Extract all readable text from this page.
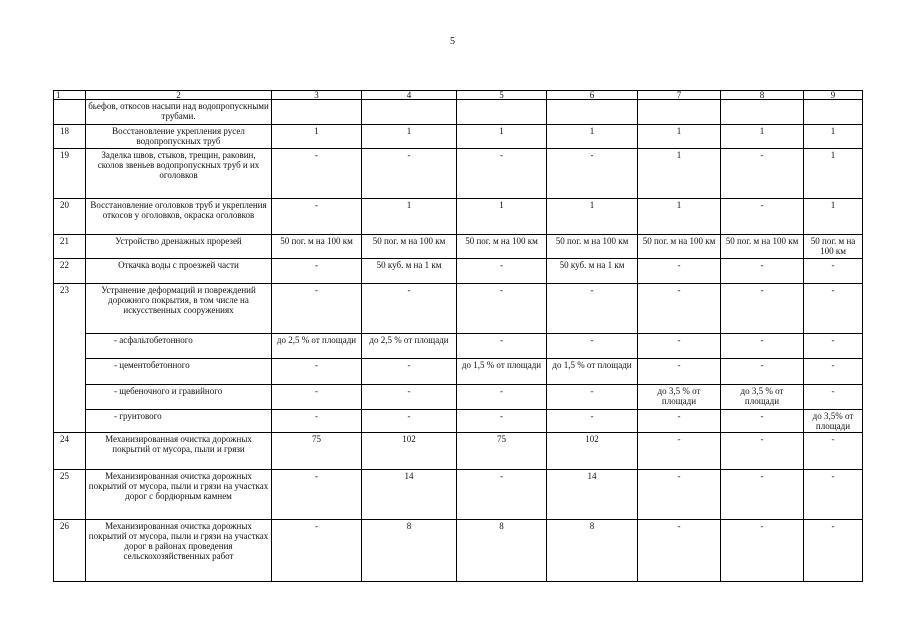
5
1	2	3	4	5	6	7	8	9
	бьефов, откосов насыпи над водопропускными трубами.							
18	Восстановление укрепления русел водопропускных труб	1	1	1	1	1	1	1
19	Заделка швов, стыков, трещин, раковин, сколов звеньев водопропускных труб и их оголовков	-	-	-	-	1	-	1
20	Восстановление оголовков труб и укрепления откосов у оголовков, окраска оголовков	-	1	1	1	1	-	1
21	Устройство дренажных прорезей	50 пог. м на 100 км	50 пог. м на 100 км	50 пог. м на 100 км	50 пог. м на 100 км	50 пог. м на 100 км	50 пог. м на 100 км	50 пог. м на 100 км
22	Откачка воды с проезжей части	-	50 куб. м на 1 км	-	50 куб. м на 1 км	-	-	-
23	Устранение деформаций и повреждений дорожного покрытия, в том числе на искусственных сооружениях	-	-	-	-	-	-	-
	- асфальтобетонного	до 2,5 % от площади	до 2,5 % от площади	-	-	-	-	-
	- цементобетонного	-	-	до 1,5 % от площади	до 1,5 % от площади	-	-	-
	- щебеночного и гравийного	-	-	-	-	до 3,5 % от площади	до 3,5 % от площади	-
	- грунтового	-	-	-	-	-	-	до 3,5% от площади
24	Механизированная очистка дорожных покрытий от мусора, пыли и грязи	75	102	75	102	-	-	-
25	Механизированная очистка дорожных покрытий от мусора, пыли и грязи на участках дорог с бордюрным камнем	-	14	-	14	-	-	-
26	Механизированная очистка дорожных покрытий от мусора, пыли и грязи на участках дорог в районах проведения сельскохозяйственных работ	-	8	8	8	-	-	-
